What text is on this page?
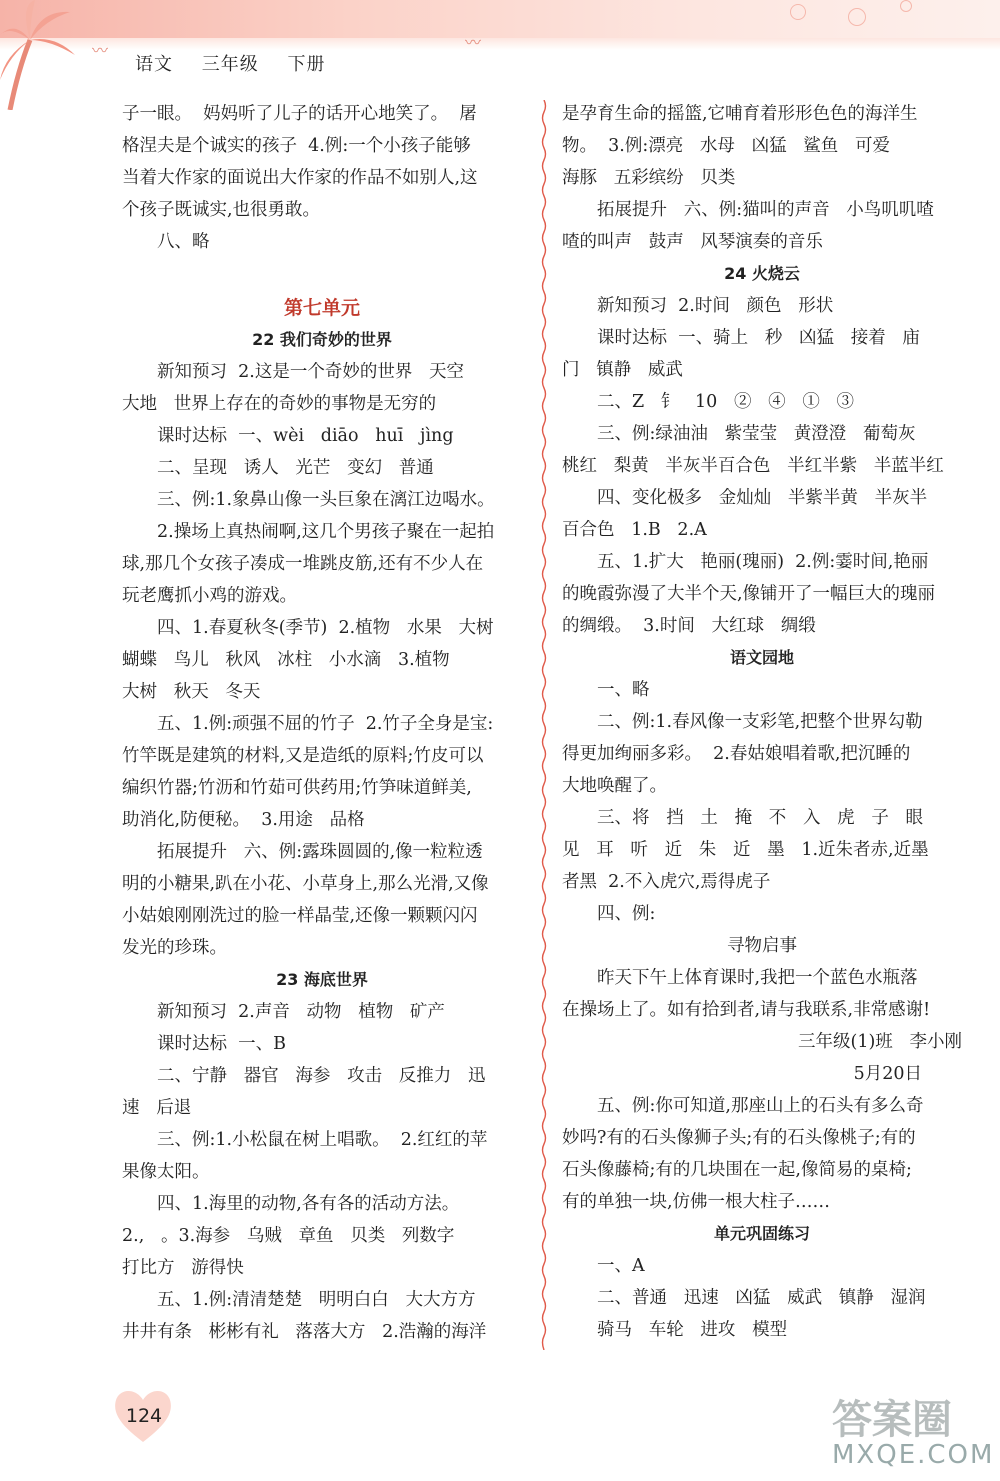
〰	〰
语文 三年级 下册

子一眼。  妈妈听了儿子的话开心地笑了。  屠

格涅夫是个诚实的孩子  4.例:一个小孩子能够

当着大作家的面说出大作家的作品不如别人,这

个孩子既诚实,也很勇敢。

八、略

第七单元

22 我们奇妙的世界

新知预习  2.这是一个奇妙的世界   天空

大地   世界上存在的奇妙的事物是无穷的

课时达标  一、wèi   diāo   huī   jìng

二、呈现   诱人   光芒   变幻   普通

三、例:1.象鼻山像一头巨象在漓江边喝水。

2.操场上真热闹啊,这几个男孩子聚在一起拍

球,那几个女孩子凑成一堆跳皮筋,还有不少人在

玩老鹰抓小鸡的游戏。

四、1.春夏秋冬(季节)  2.植物   水果   大树

蝴蝶   鸟儿   秋风   冰柱   小水滴   3.植物

大树   秋天   冬天

五、1.例:顽强不屈的竹子  2.竹子全身是宝:

竹竿既是建筑的材料,又是造纸的原料;竹皮可以

编织竹器;竹沥和竹茹可供药用;竹笋味道鲜美,

助消化,防便秘。  3.用途   品格

拓展提升   六、例:露珠圆圆的,像一粒粒透

明的小糖果,趴在小花、小草身上,那么光滑,又像

小姑娘刚刚洗过的脸一样晶莹,还像一颗颗闪闪

发光的珍珠。

23 海底世界

新知预习  2.声音   动物   植物   矿产

课时达标  一、B

二、宁静   器官   海参   攻击   反推力   迅

速   后退

三、例:1.小松鼠在树上唱歌。  2.红红的苹

果像太阳。

四、1.海里的动物,各有各的活动方法。

2.,   。3.海参   乌贼   章鱼   贝类   列数字

打比方   游得快

五、1.例:清清楚楚   明明白白   大大方方

井井有条   彬彬有礼   落落大方   2.浩瀚的海洋

是孕育生命的摇篮,它哺育着形形色色的海洋生

物。  3.例:漂亮   水母   凶猛   鲨鱼   可爱

海豚   五彩缤纷   贝类

拓展提升   六、例:猫叫的声音   小鸟叽叽喳

喳的叫声   鼓声   风琴演奏的音乐

24 火烧云

新知预习  2.时间   颜色   形状

课时达标  一、骑上   秒   凶猛   接着   庙

门   镇静   威武

二、Z   钅   10   ②   ④   ①   ③

三、例:绿油油   紫莹莹   黄澄澄   葡萄灰

桃红   梨黄   半灰半百合色   半红半紫   半蓝半红

四、变化极多   金灿灿   半紫半黄   半灰半

百合色   1.B   2.A

五、1.扩大   艳丽(瑰丽)  2.例:霎时间,艳丽

的晚霞弥漫了大半个天,像铺开了一幅巨大的瑰丽

的绸缎。  3.时间   大红球   绸缎

语文园地

一、略

二、例:1.春风像一支彩笔,把整个世界勾勒

得更加绚丽多彩。  2.春姑娘唱着歌,把沉睡的

大地唤醒了。

三、将   挡   土   掩   不   入   虎   子   眼

见   耳   听   近   朱   近   墨   1.近朱者赤,近墨

者黑  2.不入虎穴,焉得虎子

四、例:

寻物启事

昨天下午上体育课时,我把一个蓝色水瓶落

在操场上了。如有拾到者,请与我联系,非常感谢!

三年级(1)班   李小刚

5月20日

五、例:你可知道,那座山上的石头有多么奇

妙吗?有的石头像狮子头;有的石头像桃子;有的

石头像藤椅;有的几块围在一起,像简易的桌椅;

有的单独一块,仿佛一根大柱子……

单元巩固练习

一、A

二、普通   迅速   凶猛   威武   镇静   湿润

骑马   车轮   进攻   模型

124	答案圈
MXQE.COM
